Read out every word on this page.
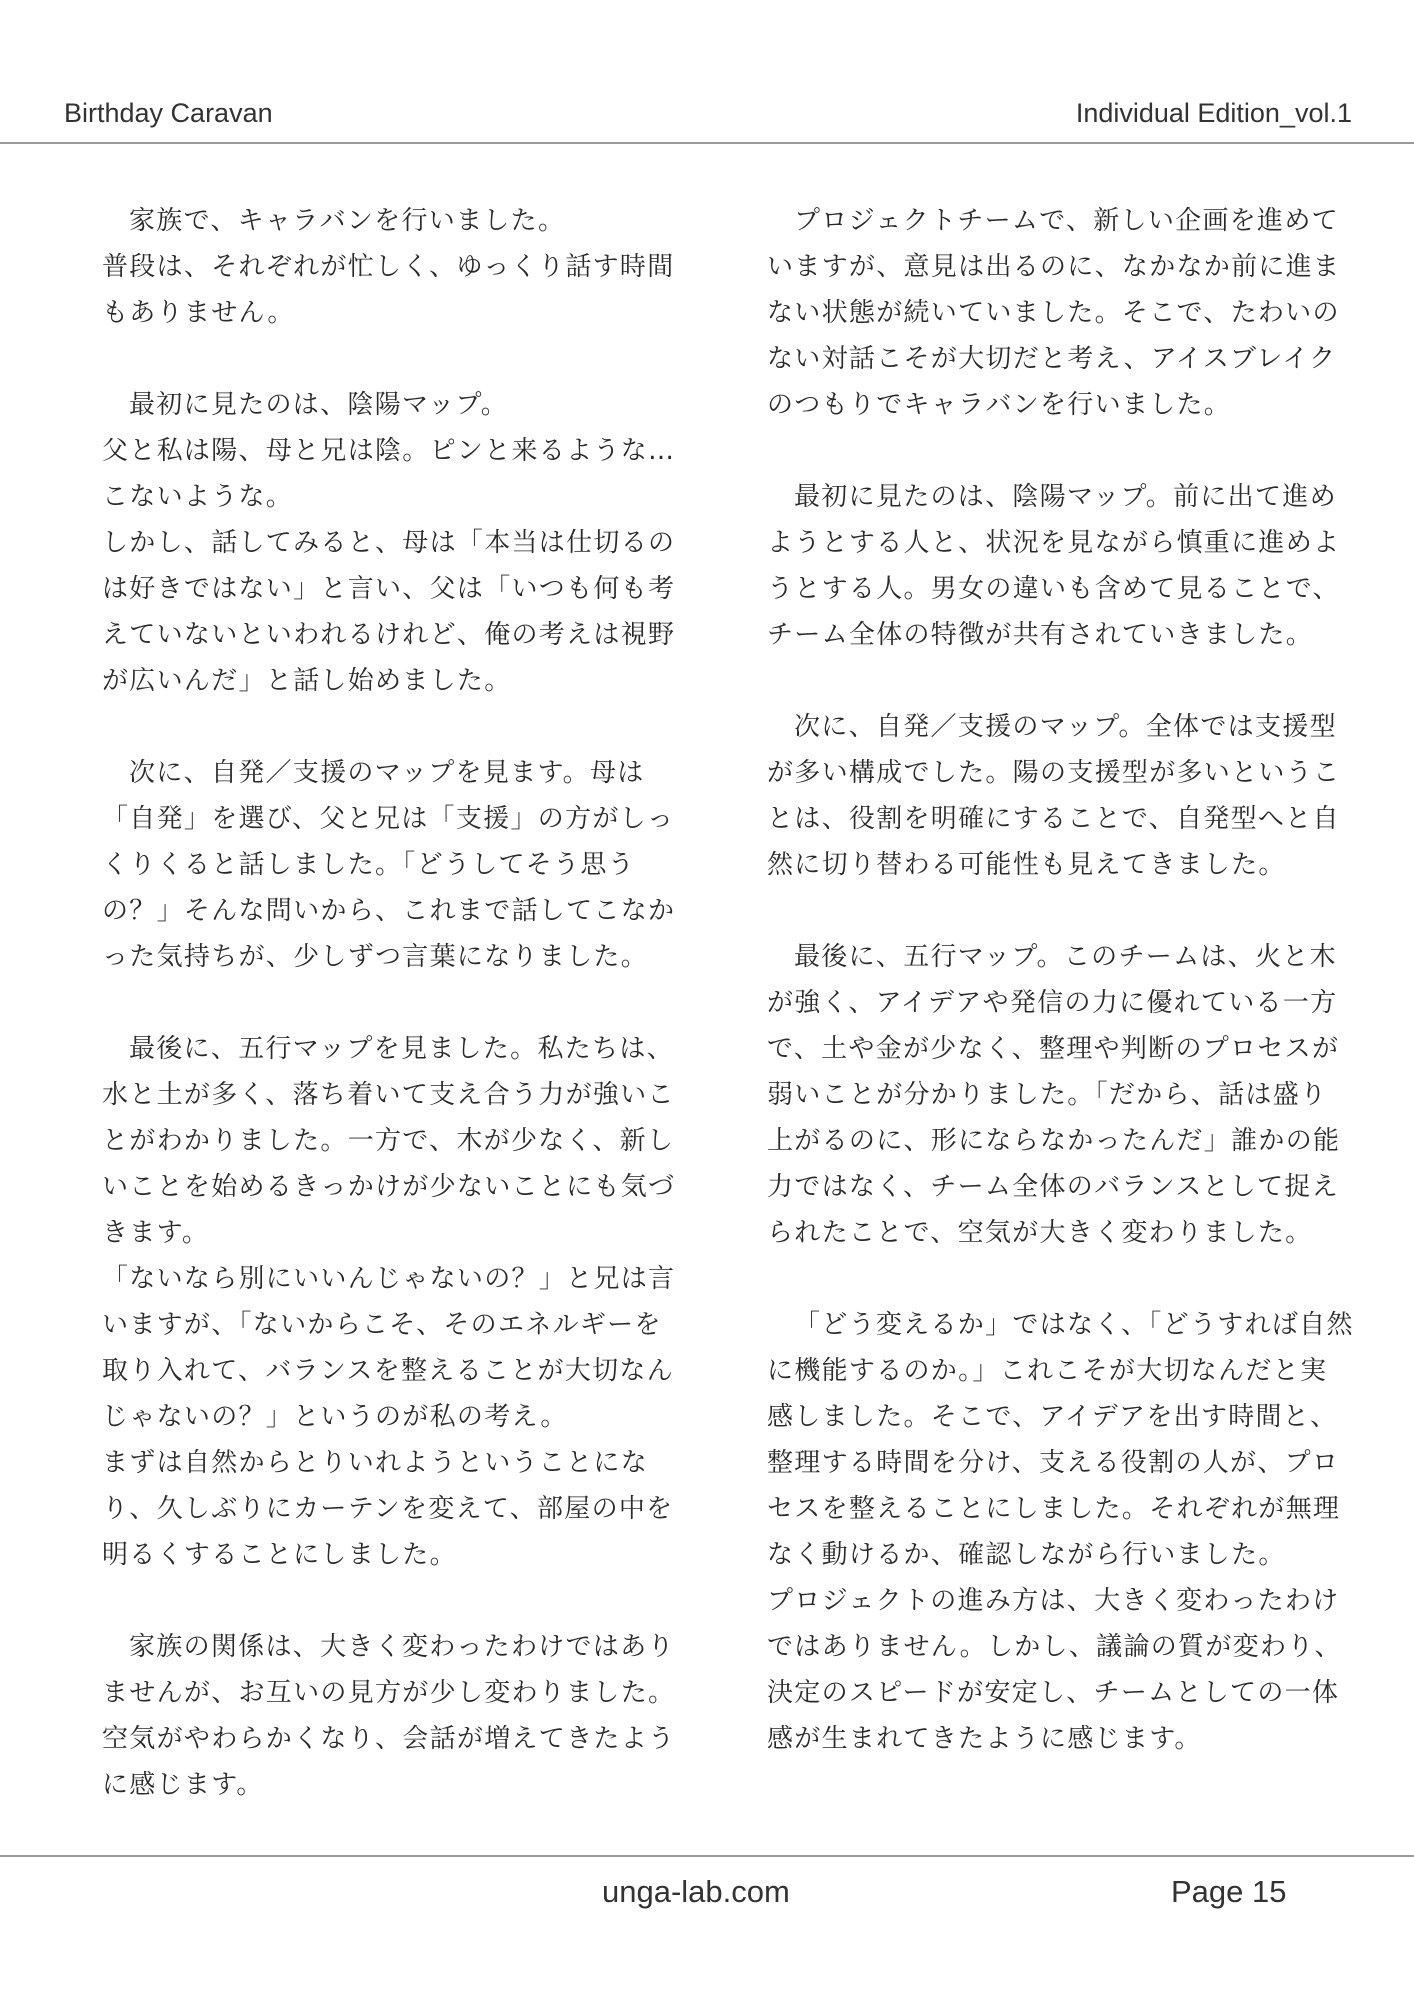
Birthday Caravan	Individual Edition_vol.1

家族で、キャラバンを行いました。

普段は、それぞれが忙しく、ゆっくり話す時間

もありません。

最初に見たのは、陰陽マップ。

父と私は陽、母と兄は陰。ピンと来るような…

こないような。

しかし、話してみると、母は「本当は仕切るの

は好きではない」と言い、父は「いつも何も考

えていないといわれるけれど、俺の考えは視野

が広いんだ」と話し始めました。

次に、自発／支援のマップを見ます。母は

「自発」を選び、父と兄は「支援」の方がしっ

くりくると話しました。「どうしてそう思う

の？」そんな問いから、これまで話してこなか

った気持ちが、少しずつ言葉になりました。

最後に、五行マップを見ました。私たちは、

水と土が多く、落ち着いて支え合う力が強いこ

とがわかりました。一方で、木が少なく、新し

いことを始めるきっかけが少ないことにも気づ

きます。

「ないなら別にいいんじゃないの？」と兄は言

いますが、「ないからこそ、そのエネルギーを

取り入れて、バランスを整えることが大切なん

じゃないの？」というのが私の考え。

まずは自然からとりいれようということにな

り、久しぶりにカーテンを変えて、部屋の中を

明るくすることにしました。

家族の関係は、大きく変わったわけではあり

ませんが、お互いの見方が少し変わりました。

空気がやわらかくなり、会話が増えてきたよう

に感じます。

プロジェクトチームで、新しい企画を進めて

いますが、意見は出るのに、なかなか前に進ま

ない状態が続いていました。そこで、たわいの

ない対話こそが大切だと考え、アイスブレイク

のつもりでキャラバンを行いました。

最初に見たのは、陰陽マップ。前に出て進め

ようとする人と、状況を見ながら慎重に進めよ

うとする人。男女の違いも含めて見ることで、

チーム全体の特徴が共有されていきました。

次に、自発／支援のマップ。全体では支援型

が多い構成でした。陽の支援型が多いというこ

とは、役割を明確にすることで、自発型へと自

然に切り替わる可能性も見えてきました。

最後に、五行マップ。このチームは、火と木

が強く、アイデアや発信の力に優れている一方

で、土や金が少なく、整理や判断のプロセスが

弱いことが分かりました。「だから、話は盛り

上がるのに、形にならなかったんだ」誰かの能

力ではなく、チーム全体のバランスとして捉え

られたことで、空気が大きく変わりました。

「どう変えるか」ではなく、「どうすれば自然

に機能するのか。」これこそが大切なんだと実

感しました。そこで、アイデアを出す時間と、

整理する時間を分け、支える役割の人が、プロ

セスを整えることにしました。それぞれが無理

なく動けるか、確認しながら行いました。

プロジェクトの進み方は、大きく変わったわけ

ではありません。しかし、議論の質が変わり、

決定のスピードが安定し、チームとしての一体

感が生まれてきたように感じます。

unga-lab.com	Page 15
